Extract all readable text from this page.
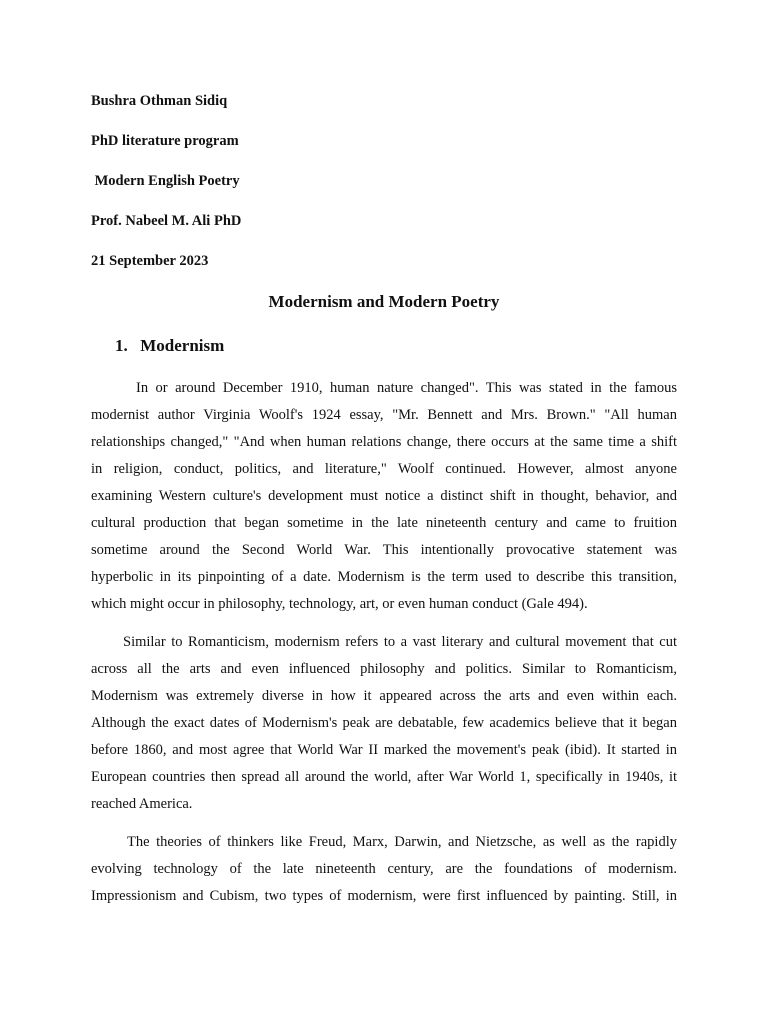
Bushra Othman Sidiq
PhD literature program
Modern English Poetry
Prof. Nabeel M. Ali PhD
21 September 2023
Modernism and Modern Poetry
1. Modernism
In or around December 1910, human nature changed". This was stated in the famous
modernist author Virginia Woolf's 1924 essay, "Mr. Bennett and Mrs. Brown." "All human
relationships changed," "And when human relations change, there occurs at the same time a shift
in religion, conduct, politics, and literature," Woolf continued. However, almost anyone
examining Western culture's development must notice a distinct shift in thought, behavior, and
cultural production that began sometime in the late nineteenth century and came to fruition
sometime around the Second World War. This intentionally provocative statement was
hyperbolic in its pinpointing of a date. Modernism is the term used to describe this transition,
which might occur in philosophy, technology, art, or even human conduct (Gale 494).
Similar to Romanticism, modernism refers to a vast literary and cultural movement that cut
across all the arts and even influenced philosophy and politics. Similar to Romanticism,
Modernism was extremely diverse in how it appeared across the arts and even within each.
Although the exact dates of Modernism's peak are debatable, few academics believe that it began
before 1860, and most agree that World War II marked the movement's peak (ibid). It started in
European countries then spread all around the world, after War World 1, specifically in 1940s, it
reached America.
The theories of thinkers like Freud, Marx, Darwin, and Nietzsche, as well as the rapidly
evolving technology of the late nineteenth century, are the foundations of modernism.
Impressionism and Cubism, two types of modernism, were first influenced by painting. Still, in
